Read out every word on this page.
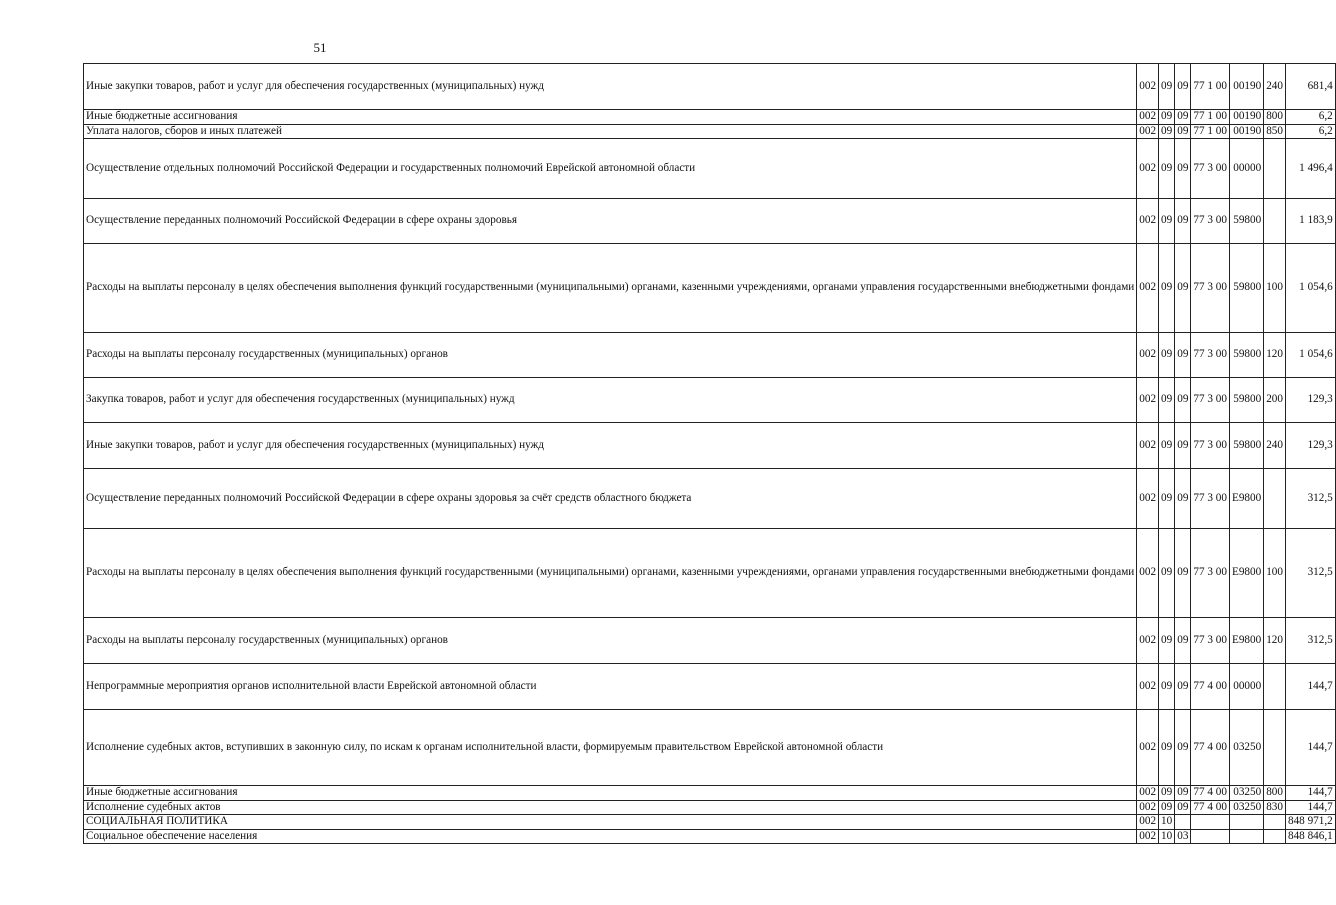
51
Иные закупки товаров, работ и услуг для обеспечения государственных (муниципальных) нужд	002	09	09	77 1 00	00190	240	681,4
Иные бюджетные ассигнования	002	09	09	77 1 00	00190	800	6,2
Уплата налогов, сборов и иных платежей	002	09	09	77 1 00	00190	850	6,2
Осуществление отдельных полномочий Российской Федерации и государственных полномочий Еврейской автономной области	002	09	09	77 3 00	00000		1 496,4
Осуществление переданных полномочий Российской Федерации в сфере охраны здоровья	002	09	09	77 3 00	59800		1 183,9
Расходы на выплаты персоналу в целях обеспечения выполнения функций государственными (муниципальными) органами, казенными учреждениями, органами управления государственными внебюджетными фондами	002	09	09	77 3 00	59800	100	1 054,6
Расходы на выплаты персоналу государственных (муниципальных) органов	002	09	09	77 3 00	59800	120	1 054,6
Закупка товаров, работ и услуг для обеспечения государственных (муниципальных) нужд	002	09	09	77 3 00	59800	200	129,3
Иные закупки товаров, работ и услуг для обеспечения государственных (муниципальных) нужд	002	09	09	77 3 00	59800	240	129,3
Осуществление переданных полномочий Российской Федерации в сфере охраны здоровья за счёт средств областного бюджета	002	09	09	77 3 00	E9800		312,5
Расходы на выплаты персоналу в целях обеспечения выполнения функций государственными (муниципальными) органами, казенными учреждениями, органами управления государственными внебюджетными фондами	002	09	09	77 3 00	E9800	100	312,5
Расходы на выплаты персоналу государственных (муниципальных) органов	002	09	09	77 3 00	E9800	120	312,5
Непрограммные мероприятия органов исполнительной власти Еврейской автономной области	002	09	09	77 4 00	00000		144,7
Исполнение судебных актов, вступивших в законную силу, по искам к органам исполнительной власти, формируемым правительством Еврейской автономной области	002	09	09	77 4 00	03250		144,7
Иные бюджетные ассигнования	002	09	09	77 4 00	03250	800	144,7
Исполнение судебных актов	002	09	09	77 4 00	03250	830	144,7
СОЦИАЛЬНАЯ ПОЛИТИКА	002	10					848 971,2
Социальное обеспечение населения	002	10	03				848 846,1
